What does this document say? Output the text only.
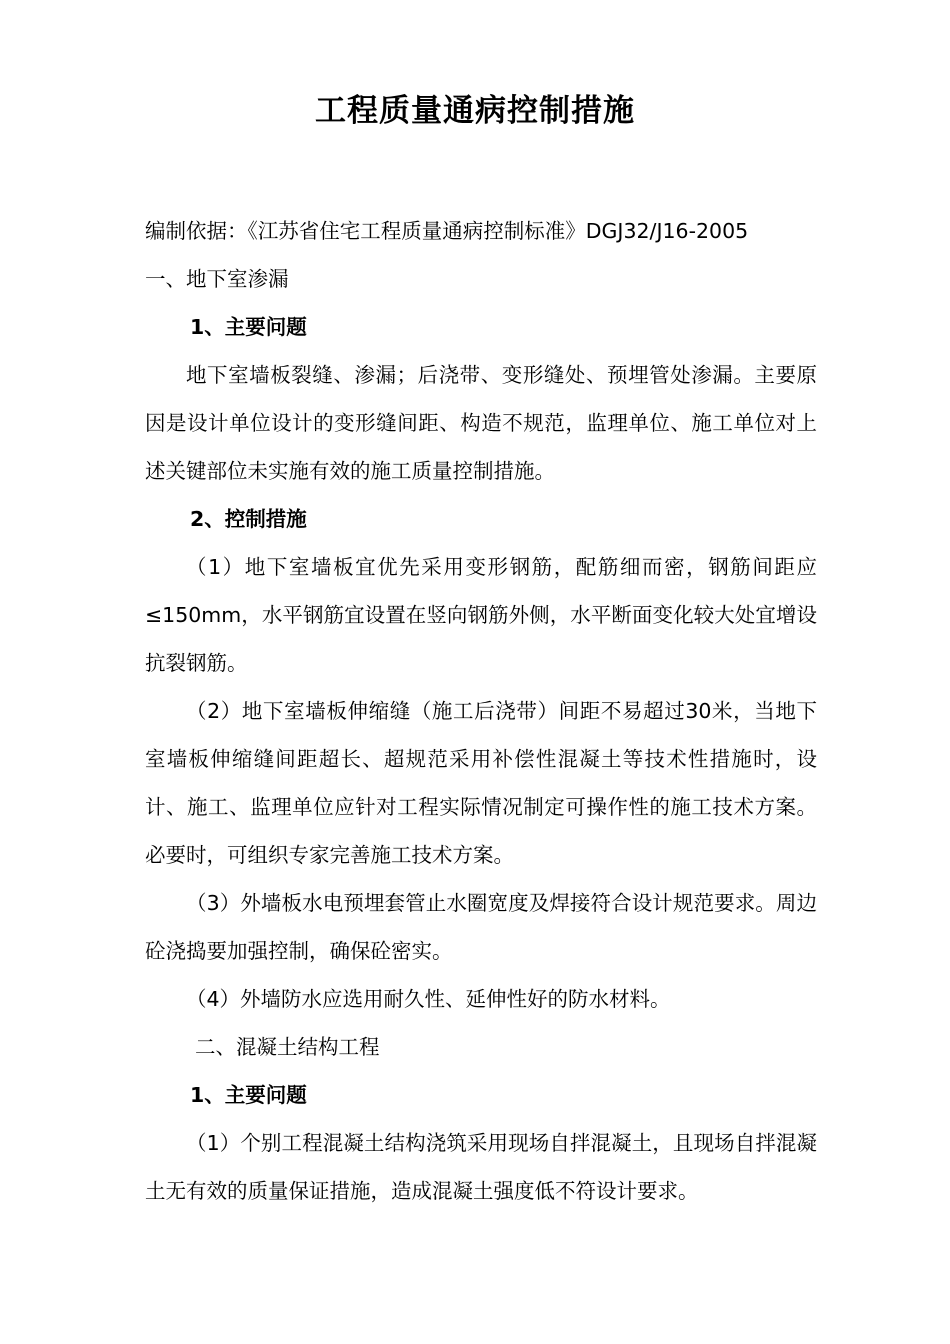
工程质量通病控制措施

编制依据：《江苏省住宅工程质量通病控制标准》DGJ32/J16-2005

一、地下室渗漏

1、主要问题

地下室墙板裂缝、渗漏；后浇带、变形缝处、预埋管处渗漏。主要原因是设计单位设计的变形缝间距、构造不规范，监理单位、施工单位对上述关键部位未实施有效的施工质量控制措施。

2、控制措施

（1）地下室墙板宜优先采用变形钢筋，配筋细而密，钢筋间距应≤150mm，水平钢筋宜设置在竖向钢筋外侧，水平断面变化较大处宜增设抗裂钢筋。

（2）地下室墙板伸缩缝（施工后浇带）间距不易超过30米，当地下室墙板伸缩缝间距超长、超规范采用补偿性混凝土等技术性措施时，设计、施工、监理单位应针对工程实际情况制定可操作性的施工技术方案。必要时，可组织专家完善施工技术方案。

（3）外墙板水电预埋套管止水圈宽度及焊接符合设计规范要求。周边砼浇捣要加强控制，确保砼密实。

（4）外墙防水应选用耐久性、延伸性好的防水材料。

二、混凝土结构工程

1、主要问题

（1）个别工程混凝土结构浇筑采用现场自拌混凝土，且现场自拌混凝土无有效的质量保证措施，造成混凝土强度低不符设计要求。
